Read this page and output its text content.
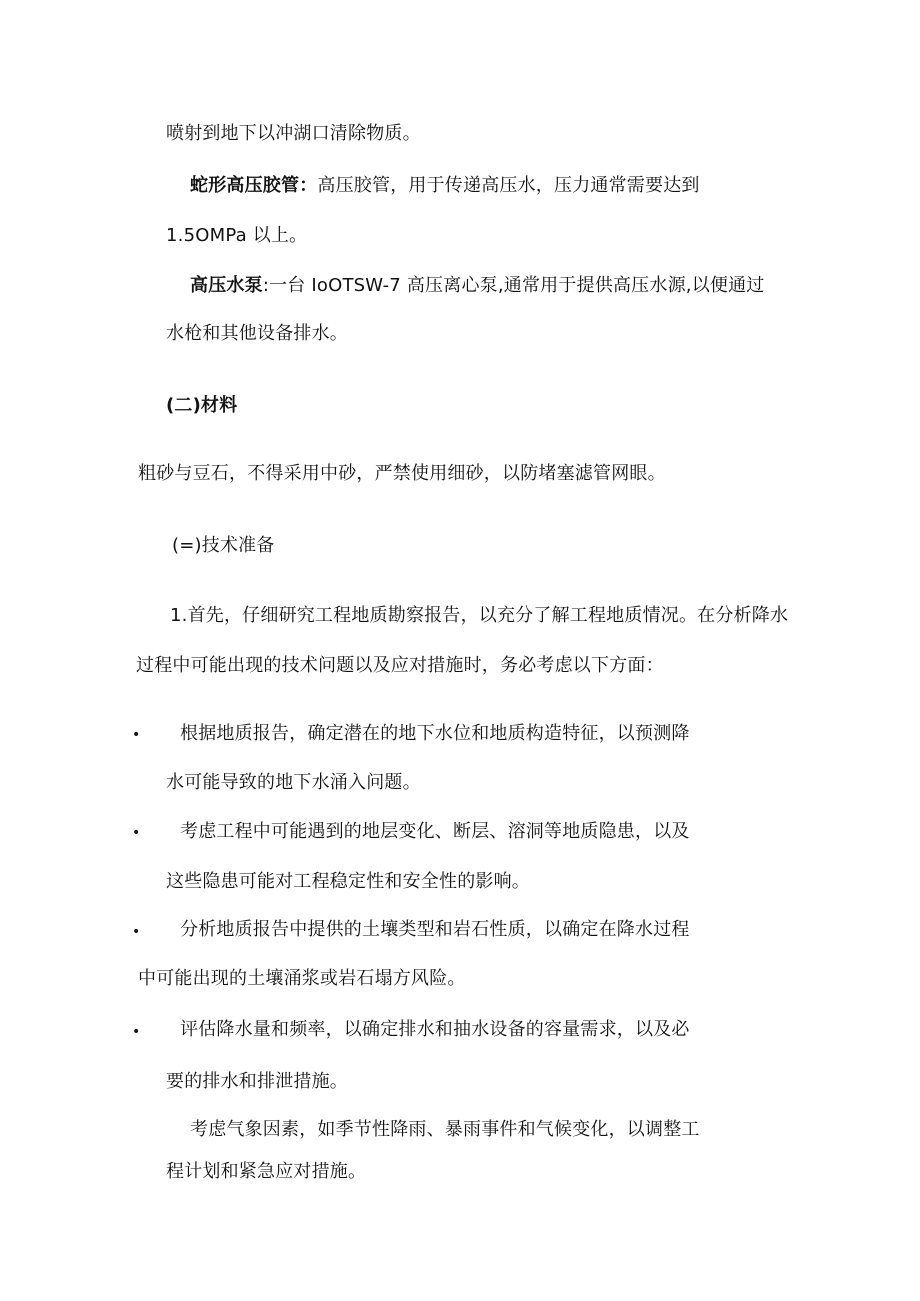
喷射到地下以冲湖口清除物质。
蛇形高压胶管：高压胶管，用于传递高压水，压力通常需要达到
1.5OMPa 以上。
高压水泵:一台 IoOTSW-7 高压离心泵,通常用于提供高压水源,以便通过
水枪和其他设备排水。
(二)材料
粗砂与豆石，不得采用中砂，严禁使用细砂，以防堵塞滤管网眼。
(=)技术准备
1.首先，仔细研究工程地质勘察报告，以充分了解工程地质情况。在分析降水
过程中可能出现的技术问题以及应对措施时，务必考虑以下方面：
• 根据地质报告，确定潜在的地下水位和地质构造特征，以预测降
水可能导致的地下水涌入问题。
• 考虑工程中可能遇到的地层变化、断层、溶洞等地质隐患，以及
这些隐患可能对工程稳定性和安全性的影响。
• 分析地质报告中提供的土壤类型和岩石性质，以确定在降水过程
中可能出现的土壤涌浆或岩石塌方风险。
• 评估降水量和频率，以确定排水和抽水设备的容量需求，以及必
要的排水和排泄措施。
考虑气象因素，如季节性降雨、暴雨事件和气候变化，以调整工
程计划和紧急应对措施。
